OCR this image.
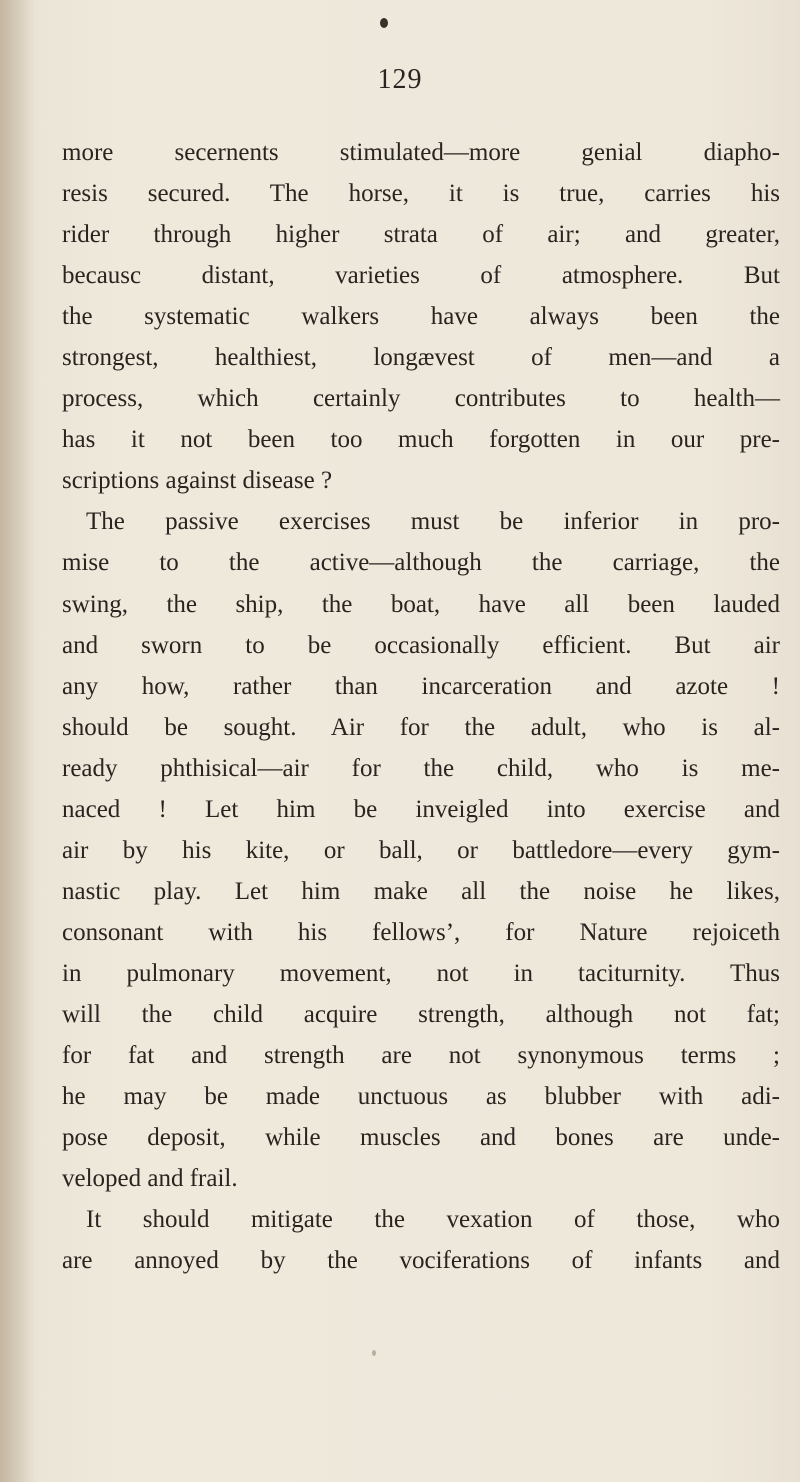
129
more secernents stimulated—more genial diapho-
resis secured. The horse, it is true, carries his
rider through higher strata of air; and greater,
becausc distant, varieties of atmosphere. But
the systematic walkers have always been the
strongest, healthiest, longævest of men—and a
process, which certainly contributes to health—
has it not been too much forgotten in our pre-
scriptions against disease ?
The passive exercises must be inferior in pro-
mise to the active—although the carriage, the
swing, the ship, the boat, have all been lauded
and sworn to be occasionally efficient. But air
any how, rather than incarceration and azote !
should be sought. Air for the adult, who is al-
ready phthisical—air for the child, who is me-
naced ! Let him be inveigled into exercise and
air by his kite, or ball, or battledore—every gym-
nastic play. Let him make all the noise he likes,
consonant with his fellows’, for Nature rejoiceth
in pulmonary movement, not in taciturnity. Thus
will the child acquire strength, although not fat;
for fat and strength are not synonymous terms ;
he may be made unctuous as blubber with adi-
pose deposit, while muscles and bones are unde-
veloped and frail.
It should mitigate the vexation of those, who
are annoyed by the vociferations of infants and
